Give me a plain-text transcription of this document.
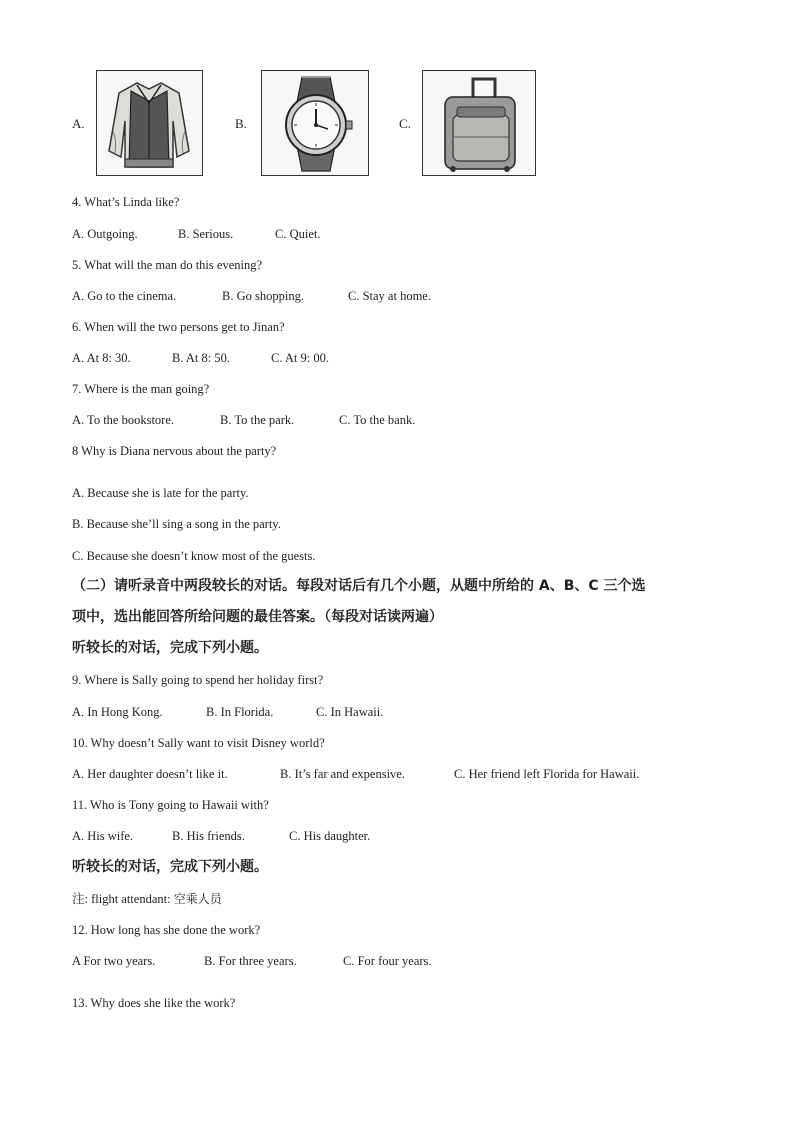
A.	B.	C.
4. What’s Linda like?
A. Outgoing.	B. Serious.	C. Quiet.
5. What will the man do this evening?
A. Go to the cinema.	B. Go shopping.	C. Stay at home.
6. When will the two persons get to Jinan?
A. At 8: 30.	B. At 8: 50.	C. At 9: 00.
7. Where is the man going?
A. To the bookstore.	B. To the park.	C. To the bank.
8 Why is Diana nervous about the party?
A. Because she is late for the party.
B. Because she’ll sing a song in the party.
C. Because she doesn’t know most of the guests.
（二）请听录音中两段较长的对话。每段对话后有几个小题，从题中所给的 A、B、C 三个选
项中，选出能回答所给问题的最佳答案。（每段对话读两遍）
听较长的对话，完成下列小题。
9. Where is Sally going to spend her holiday first?
A. In Hong Kong.	B. In Florida.	C. In Hawaii.
10. Why doesn’t Sally want to visit Disney world?
A. Her daughter doesn’t like it.	B. It’s far and expensive.	C. Her friend left Florida for Hawaii.
11. Who is Tony going to Hawaii with?
A. His wife.	B. His friends.	C. His daughter.
听较长的对话，完成下列小题。
注: flight attendant: 空乘人员
12. How long has she done the work?
A For two years.	B. For three years.	C. For four years.
13. Why does she like the work?
